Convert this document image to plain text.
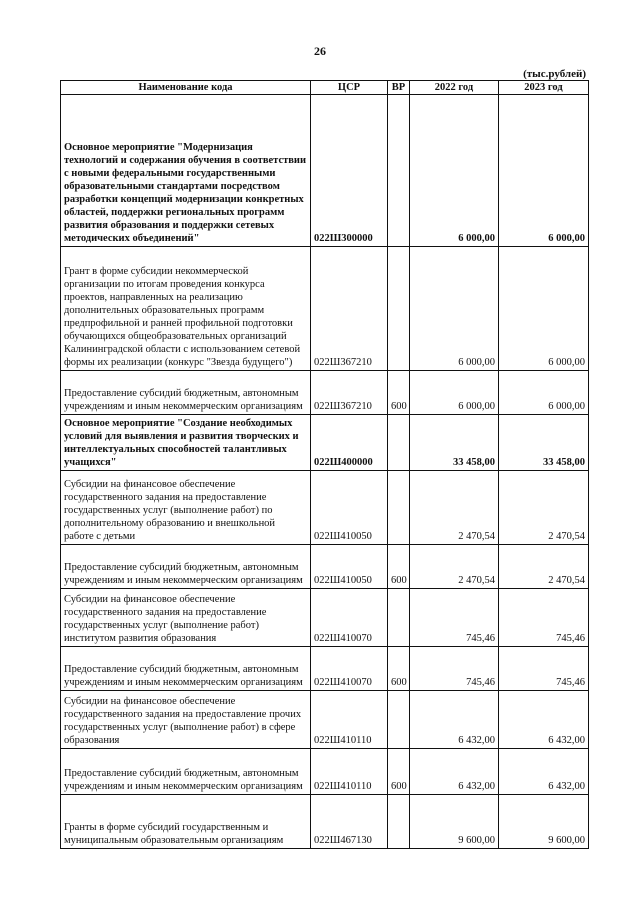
26
(тыс.рублей)
Наименование кода	ЦСР	ВР	2022 год	2023 год
Основное мероприятие "Модернизация технологий и содержания обучения в соответствии с новыми федеральными государственными образовательными стандартами посредством разработки концепций модернизации конкретных областей, поддержки региональных программ развития образования и поддержки сетевых методических объединений"	022Ш300000		6 000,00	6 000,00
Грант в форме субсидии некоммерческой организации по итогам проведения конкурса проектов, направленных на реализацию дополнительных образовательных программ предпрофильной и ранней профильной подготовки обучающихся общеобразовательных организаций Калининградской области с использованием сетевой формы их реализации (конкурс "Звезда будущего")	022Ш367210		6 000,00	6 000,00
Предоставление субсидий бюджетным, автономным учреждениям и иным некоммерческим организациям	022Ш367210	600	6 000,00	6 000,00
Основное мероприятие "Создание необходимых условий для выявления и развития творческих и интеллектуальных способностей талантливых учащихся"	022Ш400000		33 458,00	33 458,00
Субсидии на финансовое обеспечение государственного задания на предоставление государственных услуг (выполнение работ) по дополнительному образованию и внешкольной работе с детьми	022Ш410050		2 470,54	2 470,54
Предоставление субсидий бюджетным, автономным учреждениям и иным некоммерческим организациям	022Ш410050	600	2 470,54	2 470,54
Субсидии на финансовое обеспечение государственного задания на предоставление государственных услуг (выполнение работ) институтом развития образования	022Ш410070		745,46	745,46
Предоставление субсидий бюджетным, автономным учреждениям и иным некоммерческим организациям	022Ш410070	600	745,46	745,46
Субсидии на финансовое обеспечение государственного задания на предоставление прочих государственных услуг (выполнение работ) в сфере образования	022Ш410110		6 432,00	6 432,00
Предоставление субсидий бюджетным, автономным учреждениям и иным некоммерческим организациям	022Ш410110	600	6 432,00	6 432,00
Гранты в форме субсидий государственным и муниципальным образовательным организациям	022Ш467130		9 600,00	9 600,00
